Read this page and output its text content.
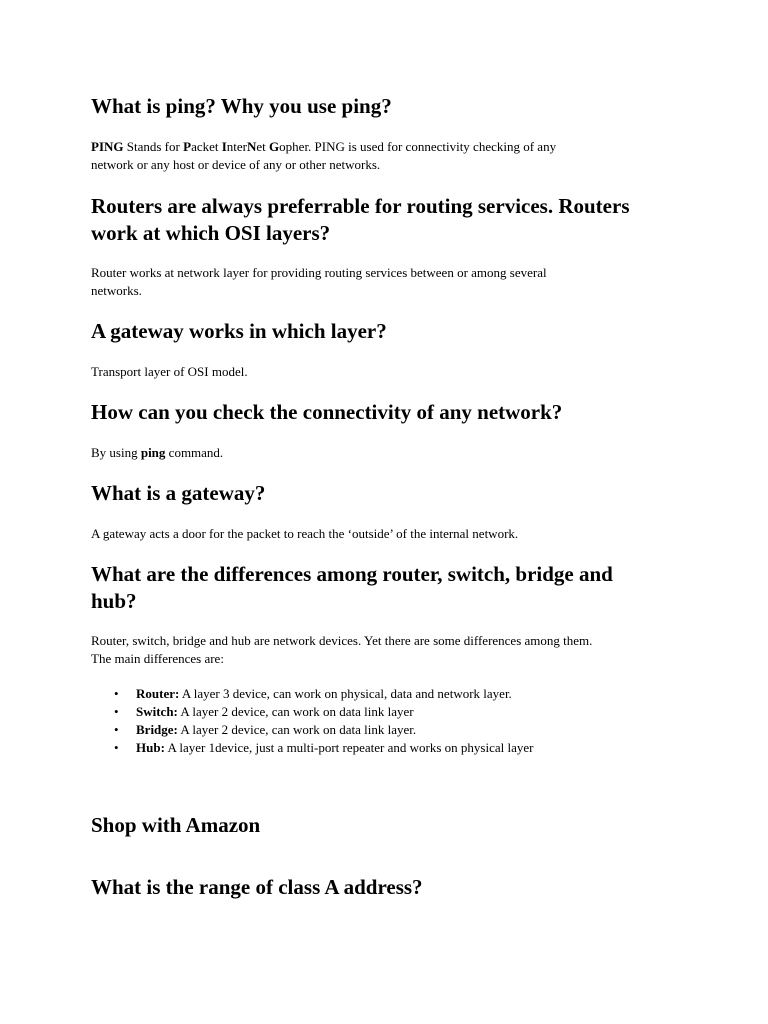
What is ping? Why you use ping?

PING Stands for Packet InterNet Gopher. PING is used for connectivity checking of any

network or any host or device of any or other networks.

Routers are always preferrable for routing services. Routers
work at which OSI layers?

Router works at network layer for providing routing services between or among several

networks.

A gateway works in which layer?

Transport layer of OSI model.

How can you check the connectivity of any network?

By using ping command.

What is a gateway?

A gateway acts a door for the packet to reach the ‘outside’ of the internal network.

What are the differences among router, switch, bridge and
hub?

Router, switch, bridge and hub are network devices. Yet there are some differences among them.

The main differences are:

• Router: A layer 3 device, can work on physical, data and network layer.
• Switch: A layer 2 device, can work on data link layer
• Bridge: A layer 2 device, can work on data link layer.
• Hub: A layer 1device, just a multi-port repeater and works on physical layer
Shop with Amazon
What is the range of class A address?
